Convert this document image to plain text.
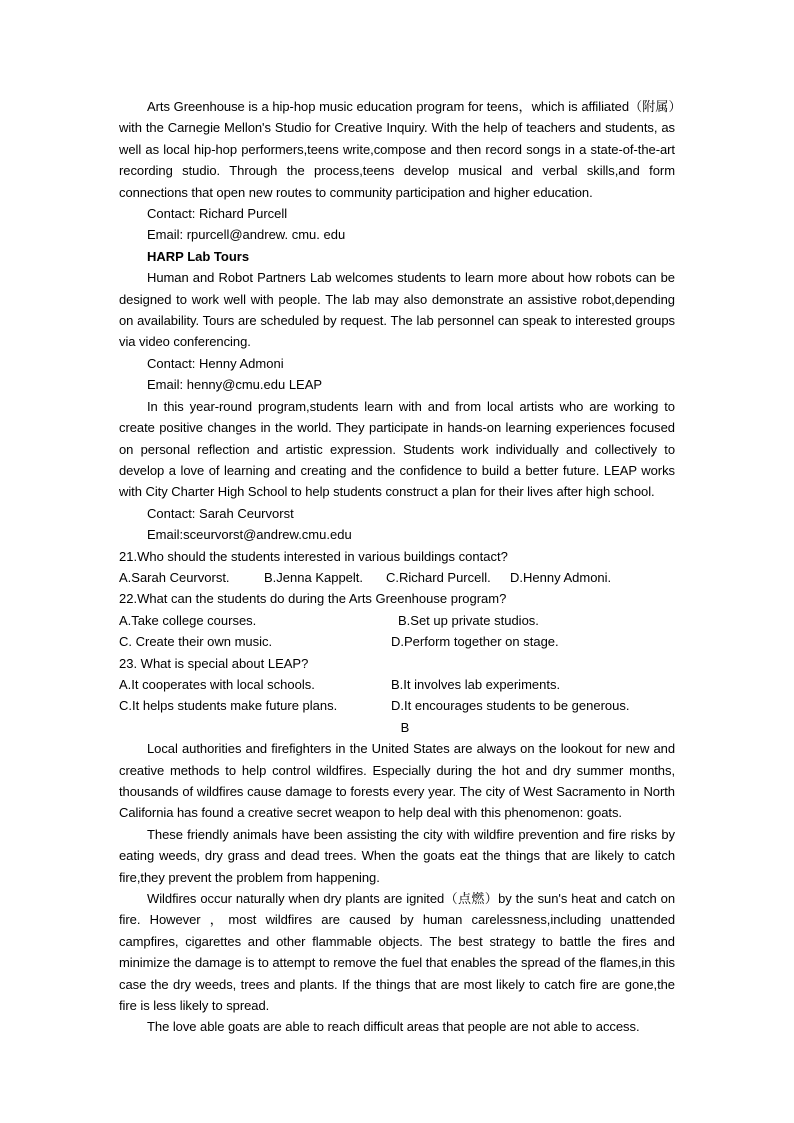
Arts Greenhouse is a hip-hop music education program for teens，which is affiliated（附属）with the Carnegie Mellon's Studio for Creative Inquiry. With the help of teachers and students, as well as local hip-hop performers,teens write,compose and then record songs in a state-of-the-art recording studio. Through the process,teens develop musical and verbal skills,and form connections that open new routes to community participation and higher education.

Contact: Richard Purcell
Email: rpurcell@andrew. cmu. edu
HARP Lab Tours

Human and Robot Partners Lab welcomes students to learn more about how robots can be designed to work well with people. The lab may also demonstrate an assistive robot,depending on availability. Tours are scheduled by request. The lab personnel can speak to interested groups via video conferencing.

Contact: Henny Admoni
Email: henny@cmu.edu LEAP

In this year-round program,students learn with and from local artists who are working to create positive changes in the world. They participate in hands-on learning experiences focused on personal reflection and artistic expression. Students work individually and collectively to develop a love of learning and creating and the confidence to build a better future. LEAP works with City Charter High School to help students construct a plan for their lives after high school.

Contact: Sarah Ceurvorst
Email:sceurvorst@andrew.cmu.edu
21.Who should the students interested in various buildings contact?
A.Sarah Ceurvorst.	B.Jenna Kappelt. C.Richard Purcell. D.Henny Admoni.
22.What can the students do during the Arts Greenhouse program?
A.Take college courses.	B.Set up private studios.
C. Create their own music.	D.Perform together on stage.
23. What is special about LEAP?
A.It cooperates with local schools.	B.It involves lab experiments.
C.It helps students make future plans.	D.It encourages students to be generous.
B

Local authorities and firefighters in the United States are always on the lookout for new and creative methods to help control wildfires. Especially during the hot and dry summer months, thousands of wildfires cause damage to forests every year. The city of West Sacramento in North California has found a creative secret weapon to help deal with this phenomenon: goats.

These friendly animals have been assisting the city with wildfire prevention and fire risks by eating weeds, dry grass and dead trees. When the goats eat the things that are likely to catch fire,they prevent the problem from happening.

Wildfires occur naturally when dry plants are ignited（点燃）by the sun's heat and catch on fire. However ，most wildfires are caused by human carelessness,including unattended campfires, cigarettes and other flammable objects. The best strategy to battle the fires and minimize the damage is to attempt to remove the fuel that enables the spread of the flames,in this case the dry weeds, trees and plants. If the things that are most likely to catch fire are gone,the fire is less likely to spread.

The love able goats are able to reach difficult areas that people are not able to access.
